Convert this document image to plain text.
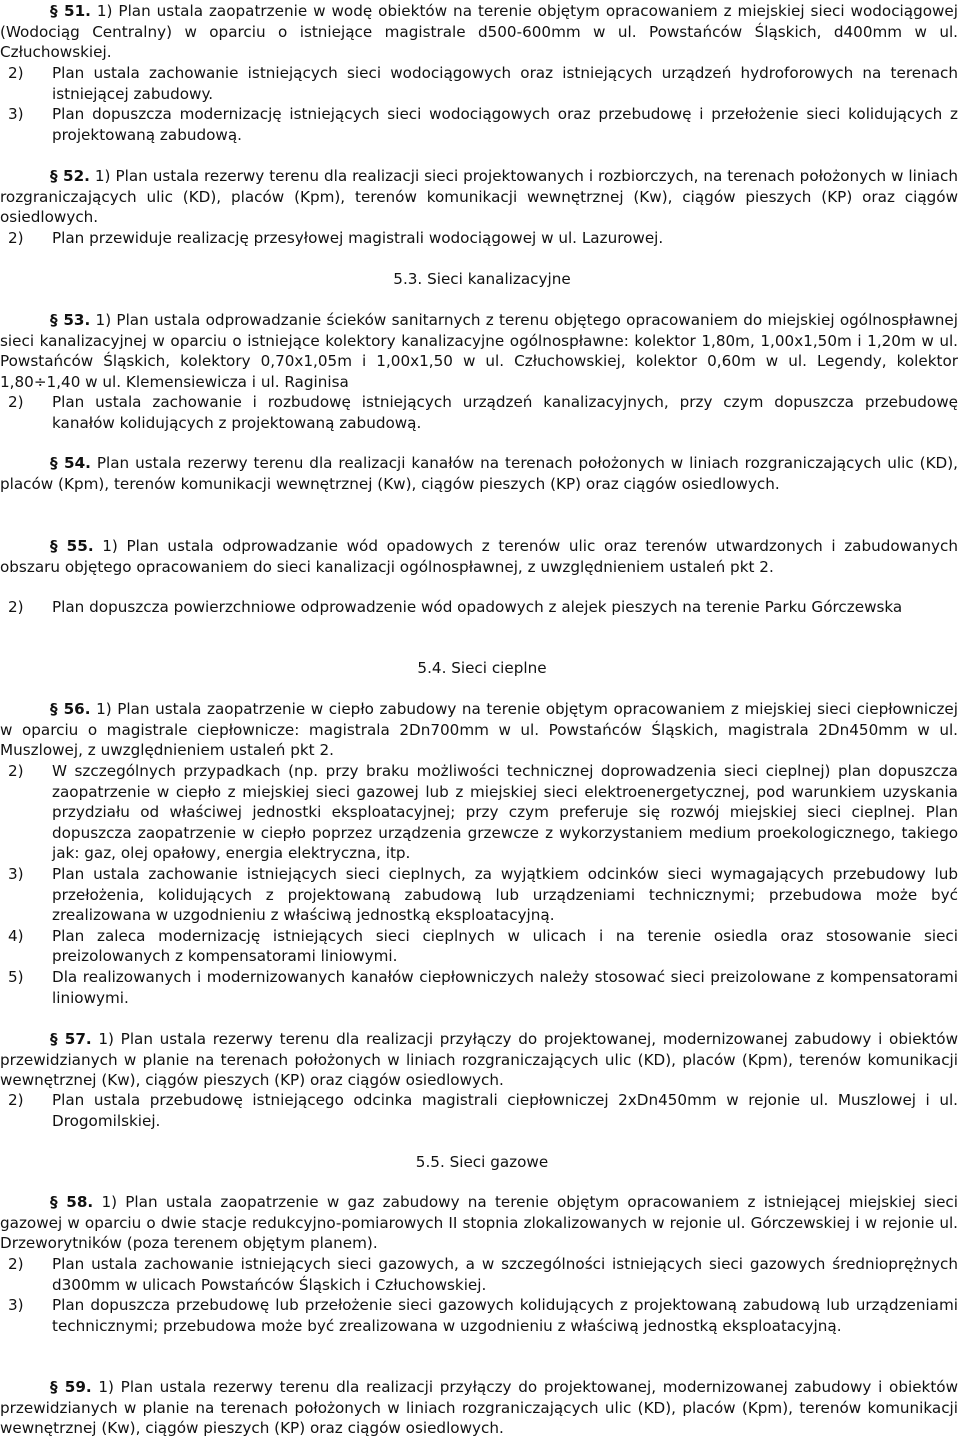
§ 51. 1) Plan ustala zaopatrzenie w wodę obiektów na terenie objętym opracowaniem z miejskiej sieci wodociągowej (Wodociąg Centralny) w oparciu o istniejące magistrale d500-600mm w ul. Powstańców Śląskich, d400mm w ul. Człuchowskiej.

2)	Plan ustala zachowanie istniejących sieci wodociągowych oraz istniejących urządzeń hydroforowych na terenach istniejącej zabudowy.
3)	Plan dopuszcza modernizację istniejących sieci wodociągowych oraz przebudowę i przełożenie sieci kolidujących z projektowaną zabudową.

§ 52. 1) Plan ustala rezerwy terenu dla realizacji sieci projektowanych i rozbiorczych, na terenach położonych w liniach rozgraniczających ulic (KD), placów (Kpm), terenów komunikacji wewnętrznej (Kw), ciągów pieszych (KP) oraz ciągów osiedlowych.

2)	Plan przewiduje realizację przesyłowej magistrali wodociągowej w ul. Lazurowej.
5.3. Sieci kanalizacyjne

§ 53. 1) Plan ustala odprowadzanie ścieków sanitarnych z terenu objętego opracowaniem do miejskiej ogólnospławnej sieci kanalizacyjnej w oparciu o istniejące kolektory kanalizacyjne ogólnospławne: kolektor 1,80m, 1,00x1,50m i 1,20m w ul. Powstańców Śląskich, kolektory 0,70x1,05m i 1,00x1,50 w ul. Człuchowskiej, kolektor 0,60m w ul. Legendy, kolektor 1,80÷1,40 w ul. Klemensiewicza i ul. Raginisa

2)	Plan ustala zachowanie i rozbudowę istniejących urządzeń kanalizacyjnych, przy czym dopuszcza przebudowę kanałów kolidujących z projektowaną zabudową.

§ 54. Plan ustala rezerwy terenu dla realizacji kanałów na terenach położonych w liniach rozgraniczających ulic (KD), placów (Kpm), terenów komunikacji wewnętrznej (Kw), ciągów pieszych (KP) oraz ciągów osiedlowych.

§ 55. 1) Plan ustala odprowadzanie wód opadowych z terenów ulic oraz terenów utwardzonych i zabudowanych obszaru objętego opracowaniem do sieci kanalizacji ogólnospławnej, z uwzględnieniem ustaleń pkt 2.

2)	Plan dopuszcza powierzchniowe odprowadzenie wód opadowych z alejek pieszych na terenie Parku Górczewska
5.4. Sieci cieplne

§ 56. 1) Plan ustala zaopatrzenie w ciepło zabudowy na terenie objętym opracowaniem z miejskiej sieci ciepłowniczej w oparciu o magistrale ciepłownicze: magistrala 2Dn700mm w ul. Powstańców Śląskich, magistrala 2Dn450mm w ul. Muszlowej, z uwzględnieniem ustaleń pkt 2.

2)	W szczególnych przypadkach (np. przy braku możliwości technicznej doprowadzenia sieci cieplnej) plan dopuszcza zaopatrzenie w ciepło z miejskiej sieci gazowej lub z miejskiej sieci elektroenergetycznej, pod warunkiem uzyskania przydziału od właściwej jednostki eksploatacyjnej; przy czym preferuje się rozwój miejskiej sieci cieplnej. Plan dopuszcza zaopatrzenie w ciepło poprzez urządzenia grzewcze z wykorzystaniem medium proekologicznego, takiego jak: gaz, olej opałowy, energia elektryczna, itp.
3)	Plan ustala zachowanie istniejących sieci cieplnych, za wyjątkiem odcinków sieci wymagających przebudowy lub przełożenia, kolidujących z projektowaną zabudową lub urządzeniami technicznymi; przebudowa może być zrealizowana w uzgodnieniu z właściwą jednostką eksploatacyjną.
4)	Plan zaleca modernizację istniejących sieci cieplnych w ulicach i na terenie osiedla oraz stosowanie sieci preizolowanych z kompensatorami liniowymi.
5)	Dla realizowanych i modernizowanych kanałów ciepłowniczych należy stosować sieci preizolowane z kompensatorami liniowymi.

§ 57. 1) Plan ustala rezerwy terenu dla realizacji przyłączy do projektowanej, modernizowanej zabudowy i obiektów przewidzianych w planie na terenach położonych w liniach rozgraniczających ulic (KD), placów (Kpm), terenów komunikacji wewnętrznej (Kw), ciągów pieszych (KP) oraz ciągów osiedlowych.

2)	Plan ustala przebudowę istniejącego odcinka magistrali ciepłowniczej 2xDn450mm w rejonie ul. Muszlowej i ul. Drogomilskiej.
5.5. Sieci gazowe

§ 58. 1) Plan ustala zaopatrzenie w gaz zabudowy na terenie objętym opracowaniem z istniejącej miejskiej sieci gazowej w oparciu o dwie stacje redukcyjno-pomiarowych II stopnia zlokalizowanych w rejonie ul. Górczewskiej i w rejonie ul. Drzeworytników (poza terenem objętym planem).

2)	Plan ustala zachowanie istniejących sieci gazowych, a w szczególności istniejących sieci gazowych średnioprężnych d300mm w ulicach Powstańców Śląskich i Człuchowskiej.
3)	Plan dopuszcza przebudowę lub przełożenie sieci gazowych kolidujących z projektowaną zabudową lub urządzeniami technicznymi; przebudowa może być zrealizowana w uzgodnieniu z właściwą jednostką eksploatacyjną.

§ 59. 1) Plan ustala rezerwy terenu dla realizacji przyłączy do projektowanej, modernizowanej zabudowy i obiektów przewidzianych w planie na terenach położonych w liniach rozgraniczających ulic (KD), placów (Kpm), terenów komunikacji wewnętrznej (Kw), ciągów pieszych (KP) oraz ciągów osiedlowych.
